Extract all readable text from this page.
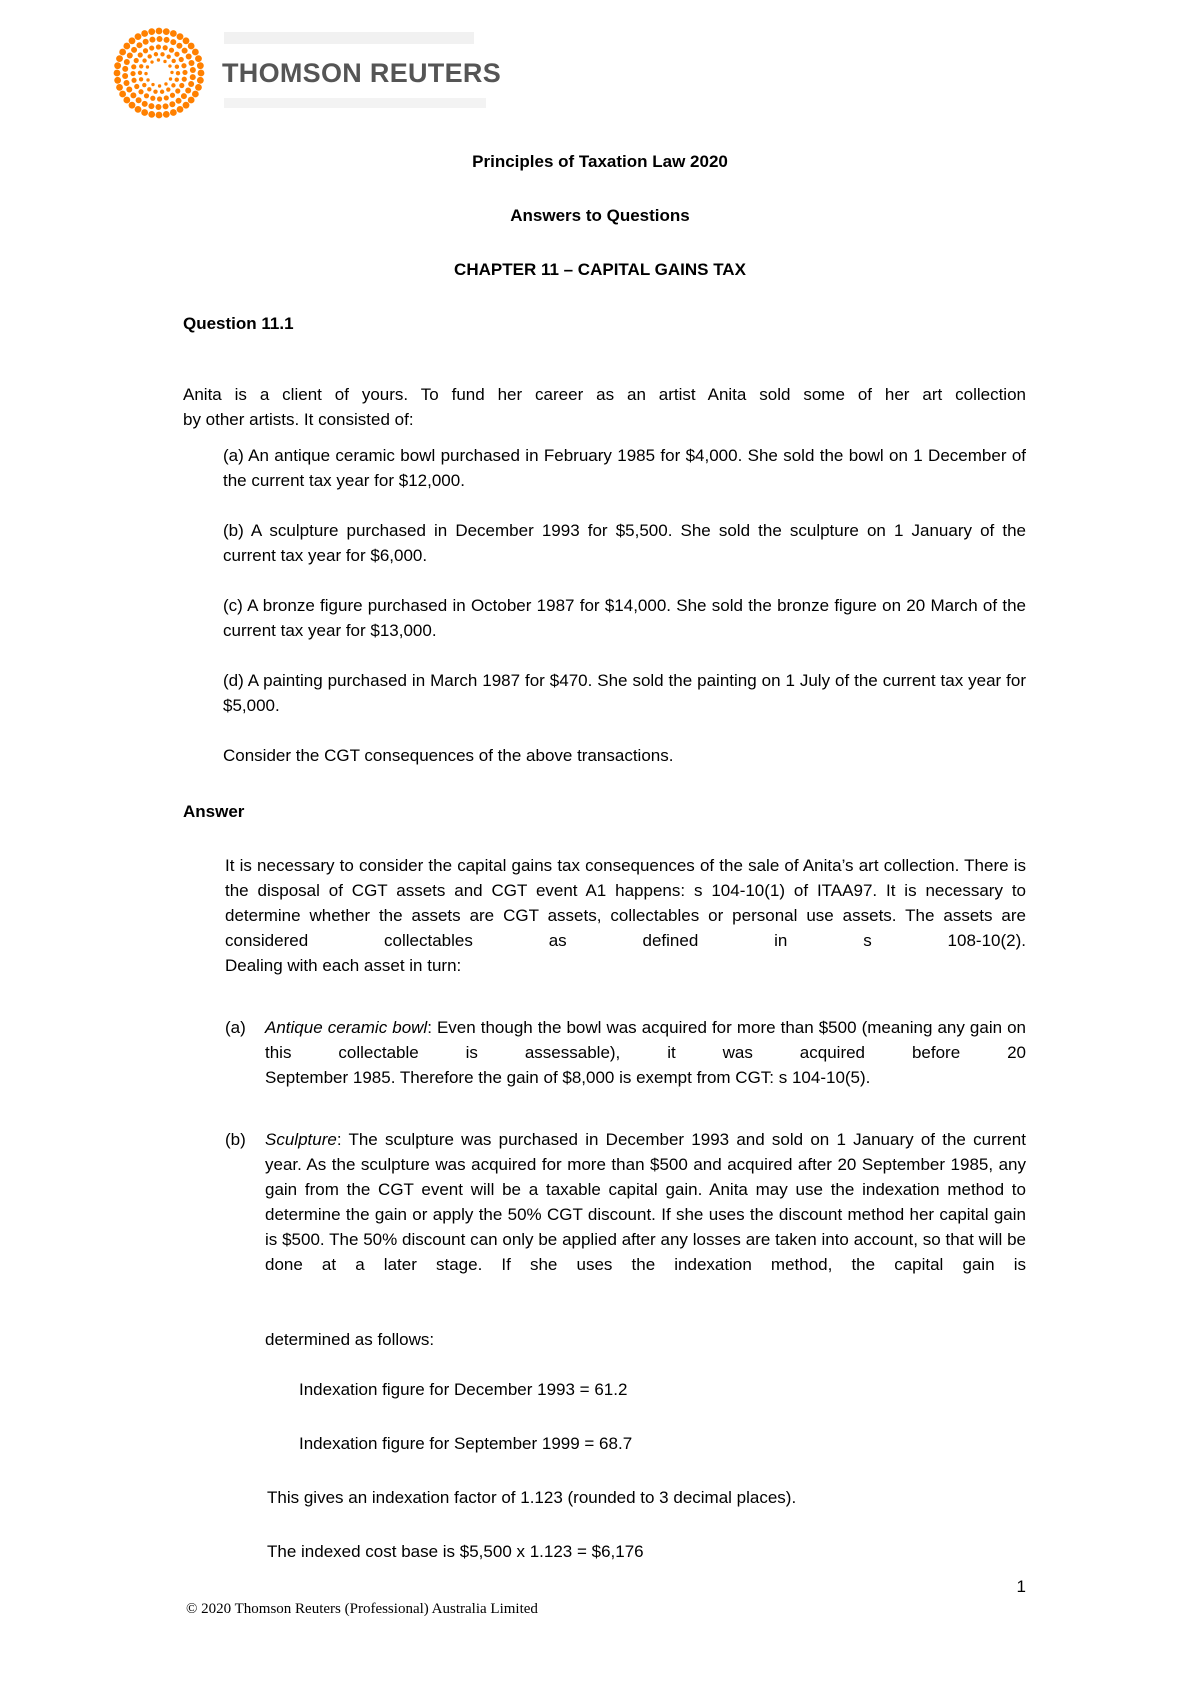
THOMSON REUTERS
Principles of Taxation Law 2020
Answers to Questions
CHAPTER 11 – CAPITAL GAINS TAX
Question 11.1
Anita is a client of yours. To fund her career as an artist Anita sold some of her art collection
by other artists. It consisted of:
(a) An antique ceramic bowl purchased in February 1985 for $4,000. She sold the bowl on 1 December of the current tax year for $12,000.
(b) A sculpture purchased in December 1993 for $5,500. She sold the sculpture on 1 January of the current tax year for $6,000.
(c) A bronze figure purchased in October 1987 for $14,000. She sold the bronze figure on 20 March of the current tax year for $13,000.
(d) A painting purchased in March 1987 for $470. She sold the painting on 1 July of the current tax year for $5,000.
Consider the CGT consequences of the above transactions.
Answer
It is necessary to consider the capital gains tax consequences of the sale of Anita’s art collection. There is the disposal of CGT assets and CGT event A1 happens: s 104-10(1) of ITAA97. It is necessary to determine whether the assets are CGT assets, collectables or personal use assets. The assets are considered collectables as defined in s 108-10(2).
Dealing with each asset in turn:
(a) Antique ceramic bowl: Even though the bowl was acquired for more than $500 (meaning any gain on this collectable is assessable), it was acquired before 20
September 1985. Therefore the gain of $8,000 is exempt from CGT: s 104-10(5).
(b) Sculpture: The sculpture was purchased in December 1993 and sold on 1 January of the current year. As the sculpture was acquired for more than $500 and acquired after 20 September 1985, any gain from the CGT event will be a taxable capital gain. Anita may use the indexation method to determine the gain or apply the 50% CGT discount. If she uses the discount method her capital gain is $500. The 50% discount can only be applied after any losses are taken into account, so that will be done at a later stage. If she uses the indexation method, the capital gain is
determined as follows:
Indexation figure for December 1993 = 61.2
Indexation figure for September 1999 = 68.7
This gives an indexation factor of 1.123 (rounded to 3 decimal places).
The indexed cost base is $5,500 x 1.123 = $6,176
1
© 2020 Thomson Reuters (Professional) Australia Limited
